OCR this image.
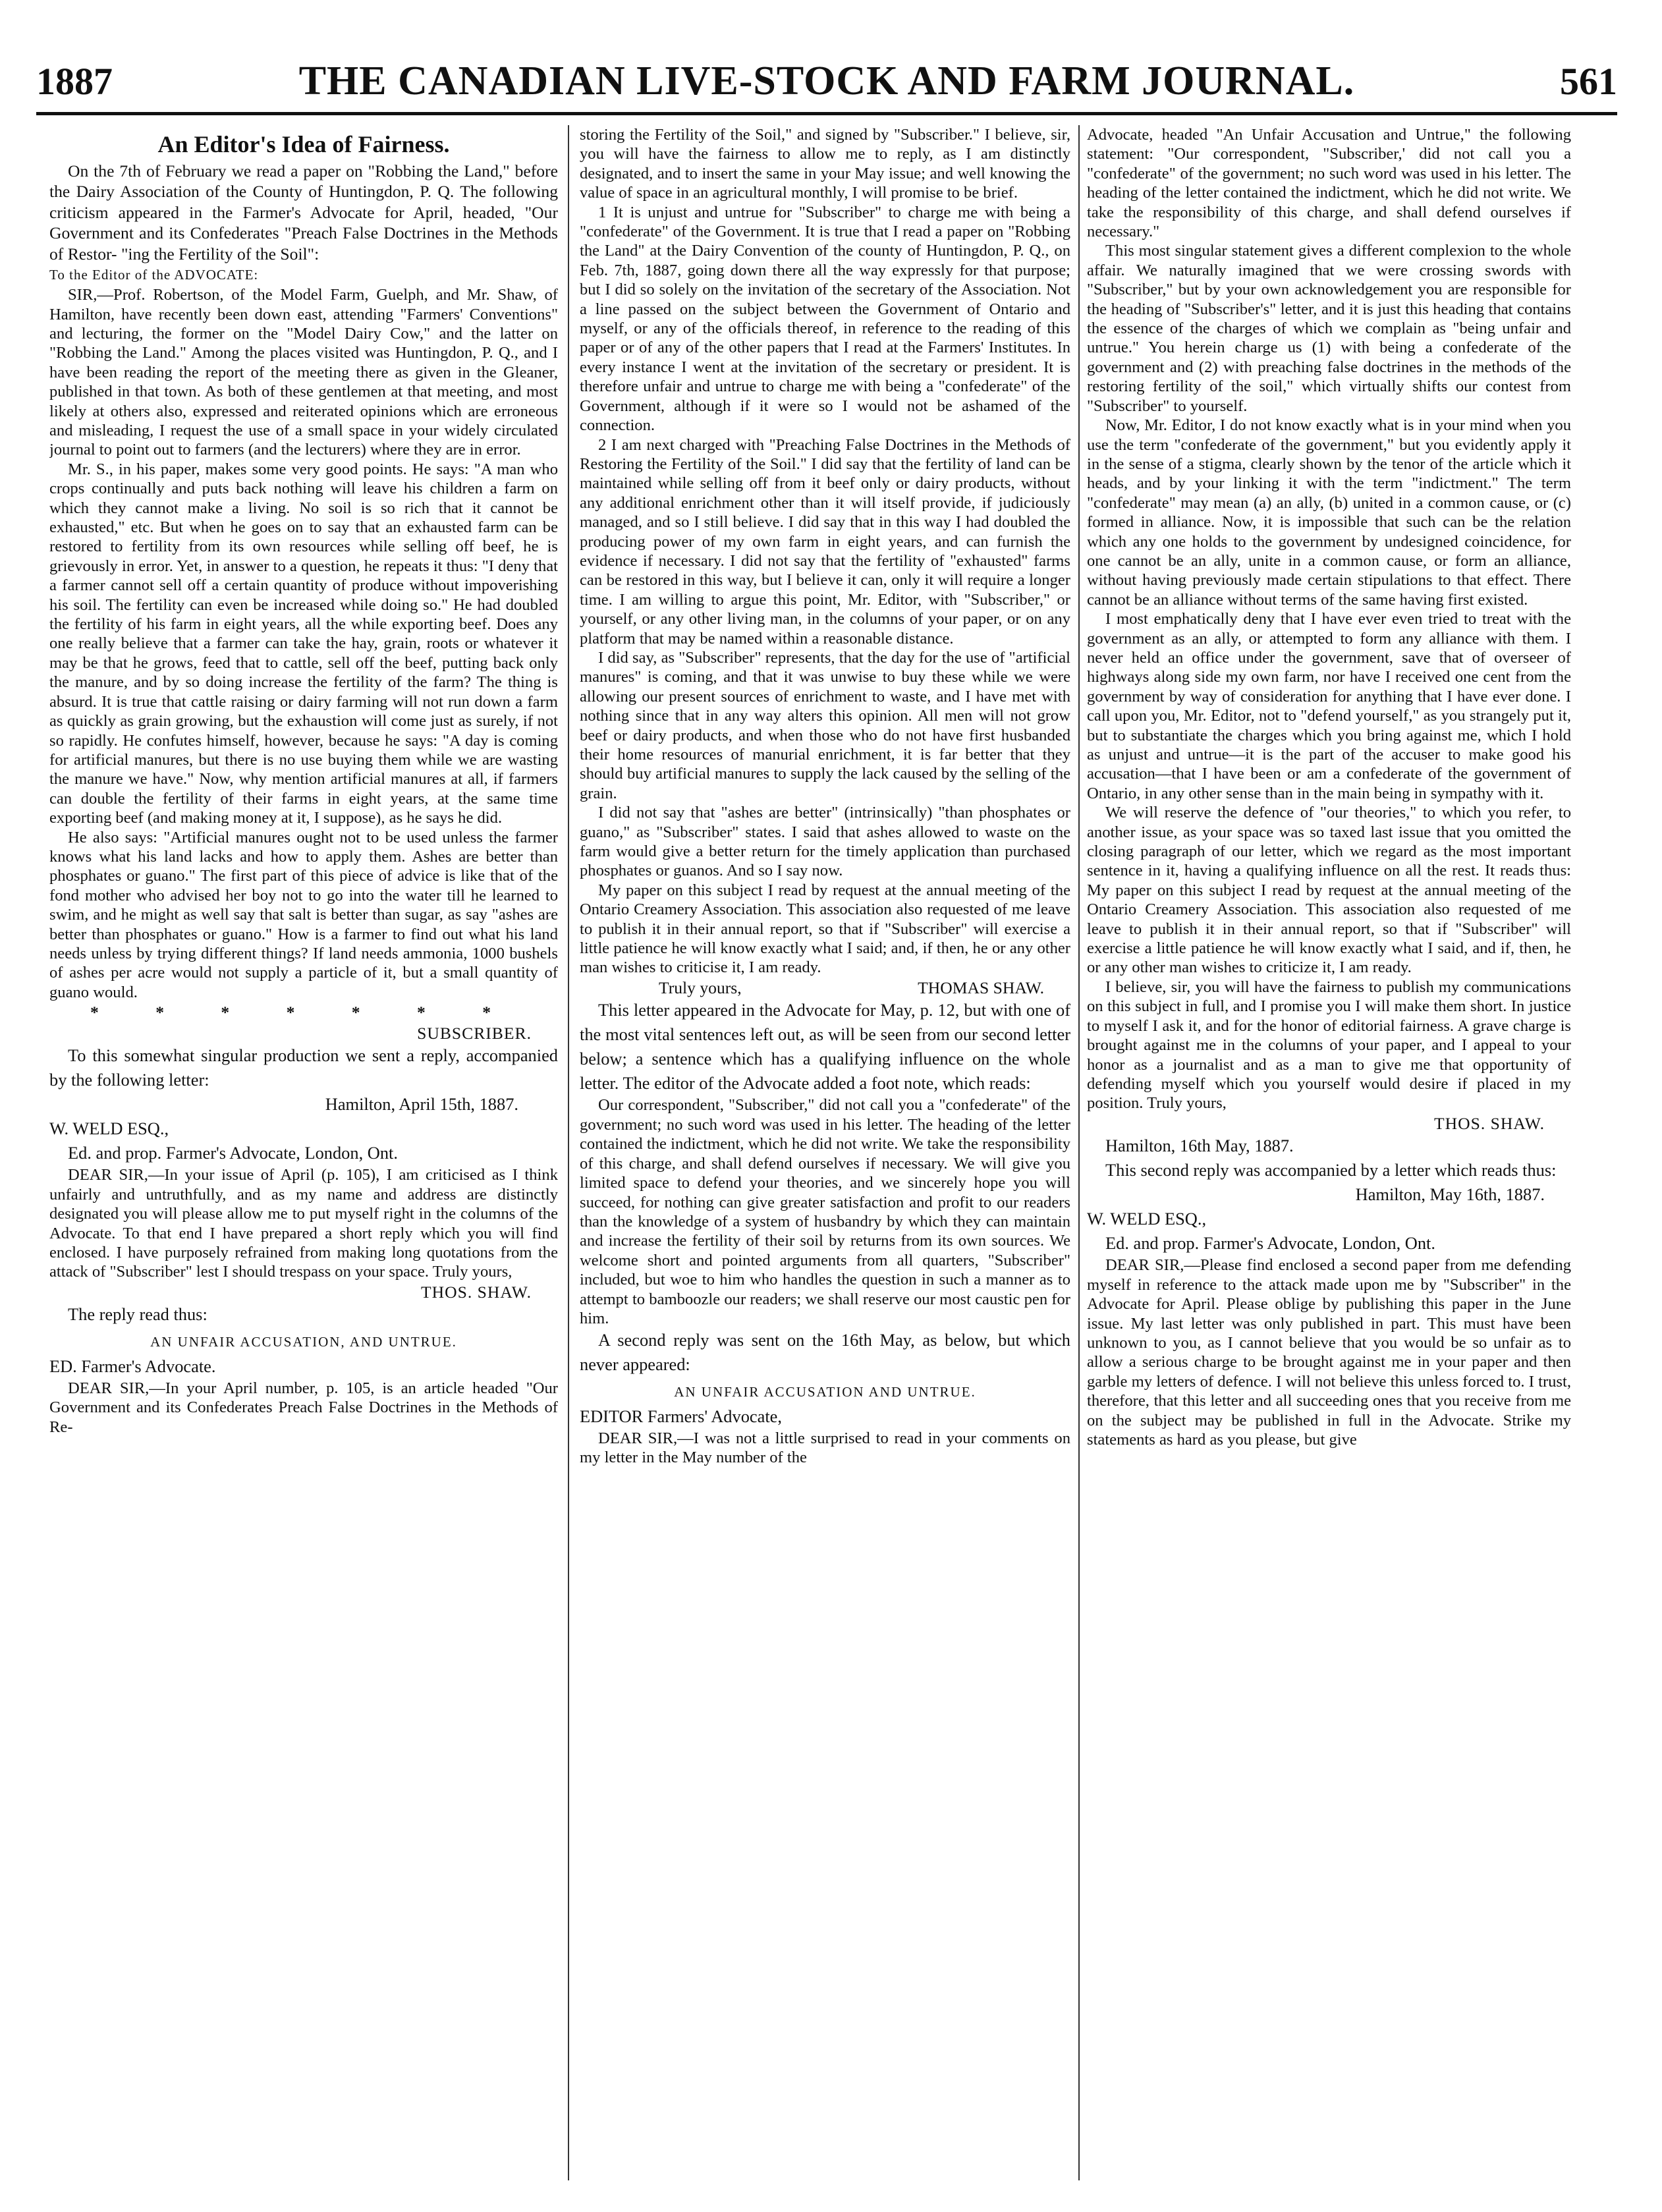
1887	THE CANADIAN LIVE-STOCK AND FARM JOURNAL.	561

An Editor's Idea of Fairness.

On the 7th of February we read a paper on "Robbing the Land," before the Dairy Association of the County of Huntingdon, P. Q. The following criticism appeared in the Farmer's Advocate for April, headed, "Our Government and its Confederates "Preach False Doctrines in the Methods of Restor- "ing the Fertility of the Soil":

To the Editor of the ADVOCATE:

SIR,—Prof. Robertson, of the Model Farm, Guelph, and Mr. Shaw, of Hamilton, have recently been down east, attending "Farmers' Conventions" and lecturing, the former on the "Model Dairy Cow," and the latter on "Robbing the Land." Among the places visited was Huntingdon, P. Q., and I have been reading the report of the meeting there as given in the Gleaner, published in that town. As both of these gentlemen at that meeting, and most likely at others also, expressed and reiterated opinions which are erroneous and misleading, I request the use of a small space in your widely circulated journal to point out to farmers (and the lecturers) where they are in error.

Mr. S., in his paper, makes some very good points. He says: "A man who crops continually and puts back nothing will leave his children a farm on which they cannot make a living. No soil is so rich that it cannot be exhausted," etc. But when he goes on to say that an exhausted farm can be restored to fertility from its own resources while selling off beef, he is grievously in error. Yet, in answer to a question, he repeats it thus: "I deny that a farmer cannot sell off a certain quantity of produce without impoverishing his soil. The fertility can even be increased while doing so." He had doubled the fertility of his farm in eight years, all the while exporting beef. Does any one really believe that a farmer can take the hay, grain, roots or whatever it may be that he grows, feed that to cattle, sell off the beef, putting back only the manure, and by so doing increase the fertility of the farm? The thing is absurd. It is true that cattle raising or dairy farming will not run down a farm as quickly as grain growing, but the exhaustion will come just as surely, if not so rapidly. He confutes himself, however, because he says: "A day is coming for artificial manures, but there is no use buying them while we are wasting the manure we have." Now, why mention artificial manures at all, if farmers can double the fertility of their farms in eight years, at the same time exporting beef (and making money at it, I suppose), as he says he did.

He also says: "Artificial manures ought not to be used unless the farmer knows what his land lacks and how to apply them. Ashes are better than phosphates or guano." The first part of this piece of advice is like that of the fond mother who advised her boy not to go into the water till he learned to swim, and he might as well say that salt is better than sugar, as say "ashes are better than phosphates or guano." How is a farmer to find out what his land needs unless by trying different things? If land needs ammonia, 1000 bushels of ashes per acre would not supply a particle of it, but a small quantity of guano would.

* * * * * * *

SUBSCRIBER.

To this somewhat singular production we sent a reply, accompanied by the following letter:

Hamilton, April 15th, 1887.

W. WELD ESQ.,

Ed. and prop. Farmer's Advocate, London, Ont.

DEAR SIR,—In your issue of April (p. 105), I am criticised as I think unfairly and untruthfully, and as my name and address are distinctly designated you will please allow me to put myself right in the columns of the Advocate. To that end I have prepared a short reply which you will find enclosed. I have purposely refrained from making long quotations from the attack of "Subscriber" lest I should trespass on your space. Truly yours,

THOS. SHAW.

The reply read thus:

AN UNFAIR ACCUSATION, AND UNTRUE.

ED. Farmer's Advocate.

DEAR SIR,—In your April number, p. 105, is an article headed "Our Government and its Confederates Preach False Doctrines in the Methods of Re-

storing the Fertility of the Soil," and signed by "Subscriber." I believe, sir, you will have the fairness to allow me to reply, as I am distinctly designated, and to insert the same in your May issue; and well knowing the value of space in an agricultural monthly, I will promise to be brief.

1 It is unjust and untrue for "Subscriber" to charge me with being a "confederate" of the Government. It is true that I read a paper on "Robbing the Land" at the Dairy Convention of the county of Huntingdon, P. Q., on Feb. 7th, 1887, going down there all the way expressly for that purpose; but I did so solely on the invitation of the secretary of the Association. Not a line passed on the subject between the Government of Ontario and myself, or any of the officials thereof, in reference to the reading of this paper or of any of the other papers that I read at the Farmers' Institutes. In every instance I went at the invitation of the secretary or president. It is therefore unfair and untrue to charge me with being a "confederate" of the Government, although if it were so I would not be ashamed of the connection.

2 I am next charged with "Preaching False Doctrines in the Methods of Restoring the Fertility of the Soil." I did say that the fertility of land can be maintained while selling off from it beef only or dairy products, without any additional enrichment other than it will itself provide, if judiciously managed, and so I still believe. I did say that in this way I had doubled the producing power of my own farm in eight years, and can furnish the evidence if necessary. I did not say that the fertility of "exhausted" farms can be restored in this way, but I believe it can, only it will require a longer time. I am willing to argue this point, Mr. Editor, with "Subscriber," or yourself, or any other living man, in the columns of your paper, or on any platform that may be named within a reasonable distance.

I did say, as "Subscriber" represents, that the day for the use of "artificial manures" is coming, and that it was unwise to buy these while we were allowing our present sources of enrichment to waste, and I have met with nothing since that in any way alters this opinion. All men will not grow beef or dairy products, and when those who do not have first husbanded their home resources of manurial enrichment, it is far better that they should buy artificial manures to supply the lack caused by the selling of the grain.

I did not say that "ashes are better" (intrinsically) "than phosphates or guano," as "Subscriber" states. I said that ashes allowed to waste on the farm would give a better return for the timely application than purchased phosphates or guanos. And so I say now.

My paper on this subject I read by request at the annual meeting of the Ontario Creamery Association. This association also requested of me leave to publish it in their annual report, so that if "Subscriber" will exercise a little patience he will know exactly what I said; and, if then, he or any other man wishes to criticise it, I am ready.

Truly yours,	THOMAS SHAW.

This letter appeared in the Advocate for May, p. 12, but with one of the most vital sentences left out, as will be seen from our second letter below; a sentence which has a qualifying influence on the whole letter. The editor of the Advocate added a foot note, which reads:

Our correspondent, "Subscriber," did not call you a "confederate" of the government; no such word was used in his letter. The heading of the letter contained the indictment, which he did not write. We take the responsibility of this charge, and shall defend ourselves if necessary. We will give you limited space to defend your theories, and we sincerely hope you will succeed, for nothing can give greater satisfaction and profit to our readers than the knowledge of a system of husbandry by which they can maintain and increase the fertility of their soil by returns from its own sources. We welcome short and pointed arguments from all quarters, "Subscriber" included, but woe to him who handles the question in such a manner as to attempt to bamboozle our readers; we shall reserve our most caustic pen for him.

A second reply was sent on the 16th May, as below, but which never appeared:

AN UNFAIR ACCUSATION AND UNTRUE.

EDITOR Farmers' Advocate,

DEAR SIR,—I was not a little surprised to read in your comments on my letter in the May number of the

Advocate, headed "An Unfair Accusation and Untrue," the following statement: "Our correspondent, "Subscriber,' did not call you a "confederate" of the government; no such word was used in his letter. The heading of the letter contained the indictment, which he did not write. We take the responsibility of this charge, and shall defend ourselves if necessary."

This most singular statement gives a different complexion to the whole affair. We naturally imagined that we were crossing swords with "Subscriber," but by your own acknowledgement you are responsible for the heading of "Subscriber's" letter, and it is just this heading that contains the essence of the charges of which we complain as "being unfair and untrue." You herein charge us (1) with being a confederate of the government and (2) with preaching false doctrines in the methods of the restoring fertility of the soil," which virtually shifts our contest from "Subscriber" to yourself.

Now, Mr. Editor, I do not know exactly what is in your mind when you use the term "confederate of the government," but you evidently apply it in the sense of a stigma, clearly shown by the tenor of the article which it heads, and by your linking it with the term "indictment." The term "confederate" may mean (a) an ally, (b) united in a common cause, or (c) formed in alliance. Now, it is impossible that such can be the relation which any one holds to the government by undesigned coincidence, for one cannot be an ally, unite in a common cause, or form an alliance, without having previously made certain stipulations to that effect. There cannot be an alliance without terms of the same having first existed.

I most emphatically deny that I have ever even tried to treat with the government as an ally, or attempted to form any alliance with them. I never held an office under the government, save that of overseer of highways along side my own farm, nor have I received one cent from the government by way of consideration for anything that I have ever done. I call upon you, Mr. Editor, not to "defend yourself," as you strangely put it, but to substantiate the charges which you bring against me, which I hold as unjust and untrue—it is the part of the accuser to make good his accusation—that I have been or am a confederate of the government of Ontario, in any other sense than in the main being in sympathy with it.

We will reserve the defence of "our theories," to which you refer, to another issue, as your space was so taxed last issue that you omitted the closing paragraph of our letter, which we regard as the most important sentence in it, having a qualifying influence on all the rest. It reads thus: My paper on this subject I read by request at the annual meeting of the Ontario Creamery Association. This association also requested of me leave to publish it in their annual report, so that if "Subscriber" will exercise a little patience he will know exactly what I said, and if, then, he or any other man wishes to criticize it, I am ready.

I believe, sir, you will have the fairness to publish my communications on this subject in full, and I promise you I will make them short. In justice to myself I ask it, and for the honor of editorial fairness. A grave charge is brought against me in the columns of your paper, and I appeal to your honor as a journalist and as a man to give me that opportunity of defending myself which you yourself would desire if placed in my position. Truly yours,

THOS. SHAW.

Hamilton, 16th May, 1887.

This second reply was accompanied by a letter which reads thus:

Hamilton, May 16th, 1887.

W. WELD ESQ.,

Ed. and prop. Farmer's Advocate, London, Ont.

DEAR SIR,—Please find enclosed a second paper from me defending myself in reference to the attack made upon me by "Subscriber" in the Advocate for April. Please oblige by publishing this paper in the June issue. My last letter was only published in part. This must have been unknown to you, as I cannot believe that you would be so unfair as to allow a serious charge to be brought against me in your paper and then garble my letters of defence. I will not believe this unless forced to. I trust, therefore, that this letter and all succeeding ones that you receive from me on the subject may be published in full in the Advocate. Strike my statements as hard as you please, but give
